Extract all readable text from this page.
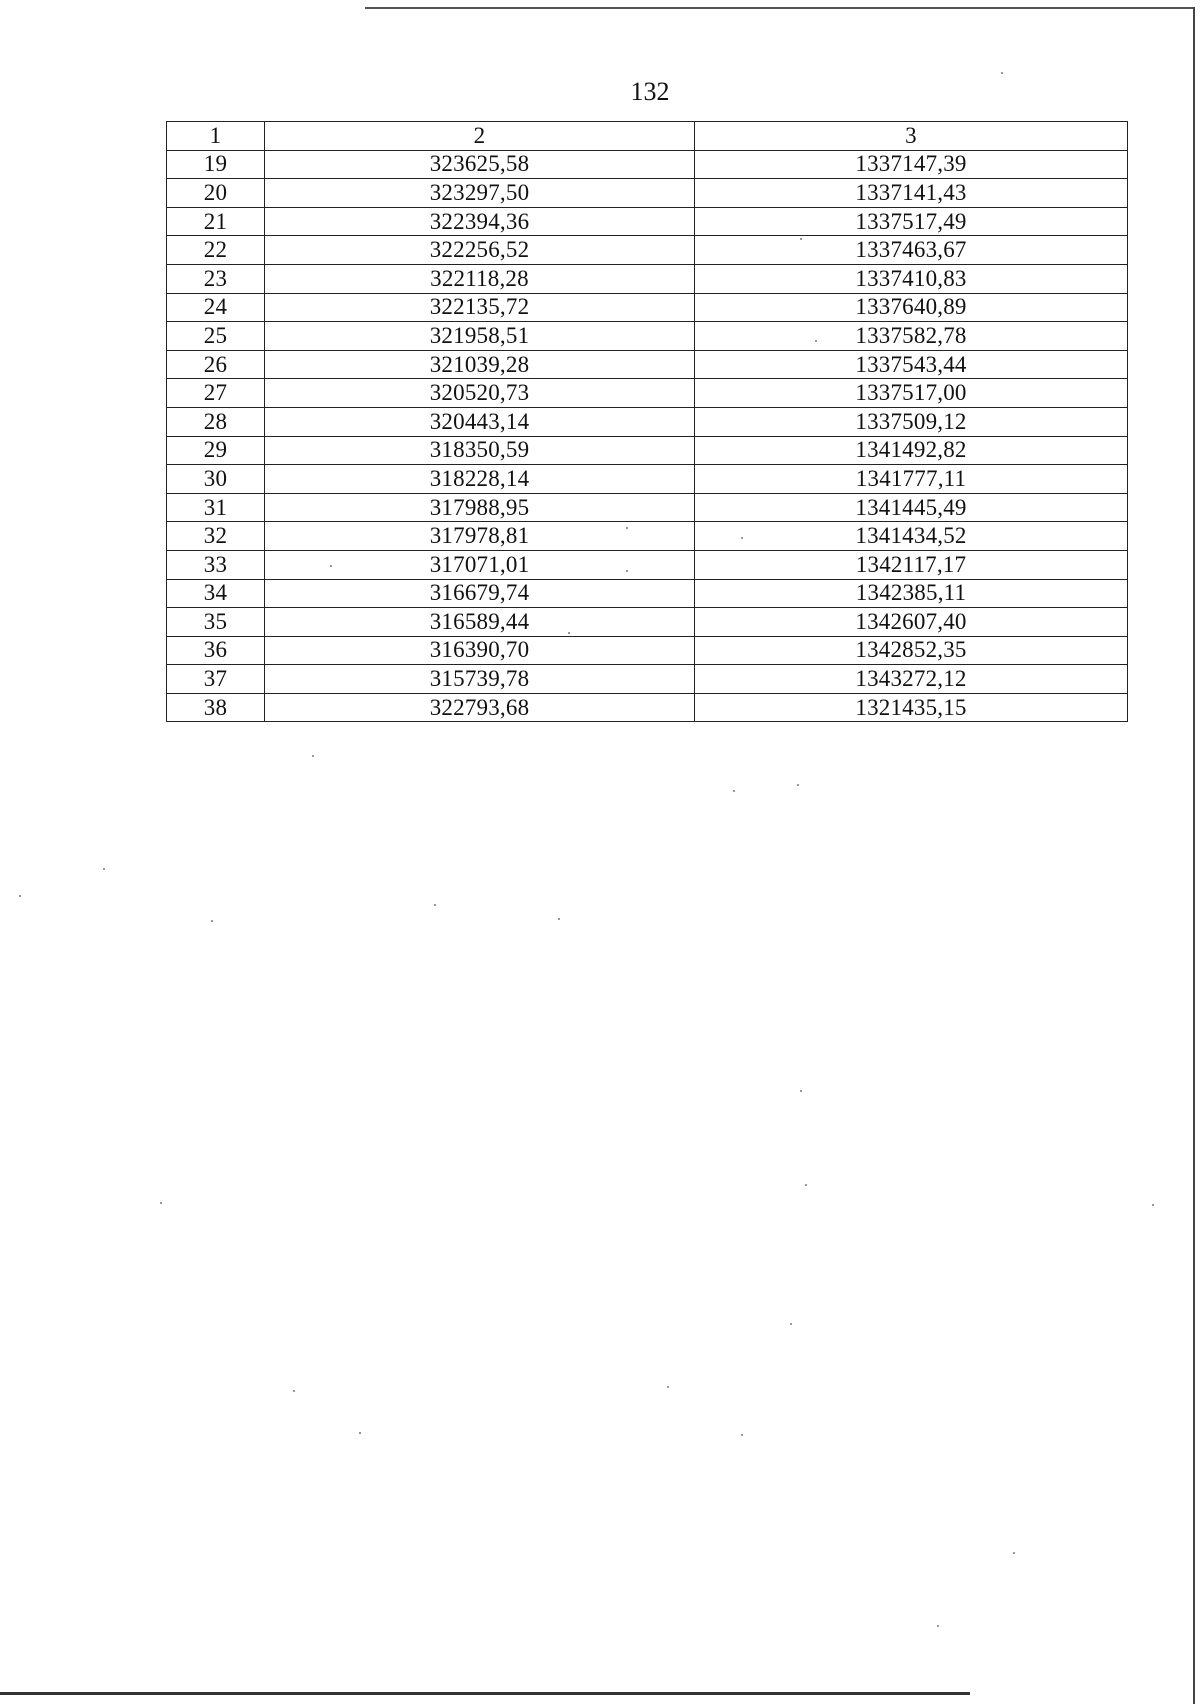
132
1	2	3
19	323625,58	1337147,39
20	323297,50	1337141,43
21	322394,36	1337517,49
22	322256,52	1337463,67
23	322118,28	1337410,83
24	322135,72	1337640,89
25	321958,51	1337582,78
26	321039,28	1337543,44
27	320520,73	1337517,00
28	320443,14	1337509,12
29	318350,59	1341492,82
30	318228,14	1341777,11
31	317988,95	1341445,49
32	317978,81	1341434,52
33	317071,01	1342117,17
34	316679,74	1342385,11
35	316589,44	1342607,40
36	316390,70	1342852,35
37	315739,78	1343272,12
38	322793,68	1321435,15
